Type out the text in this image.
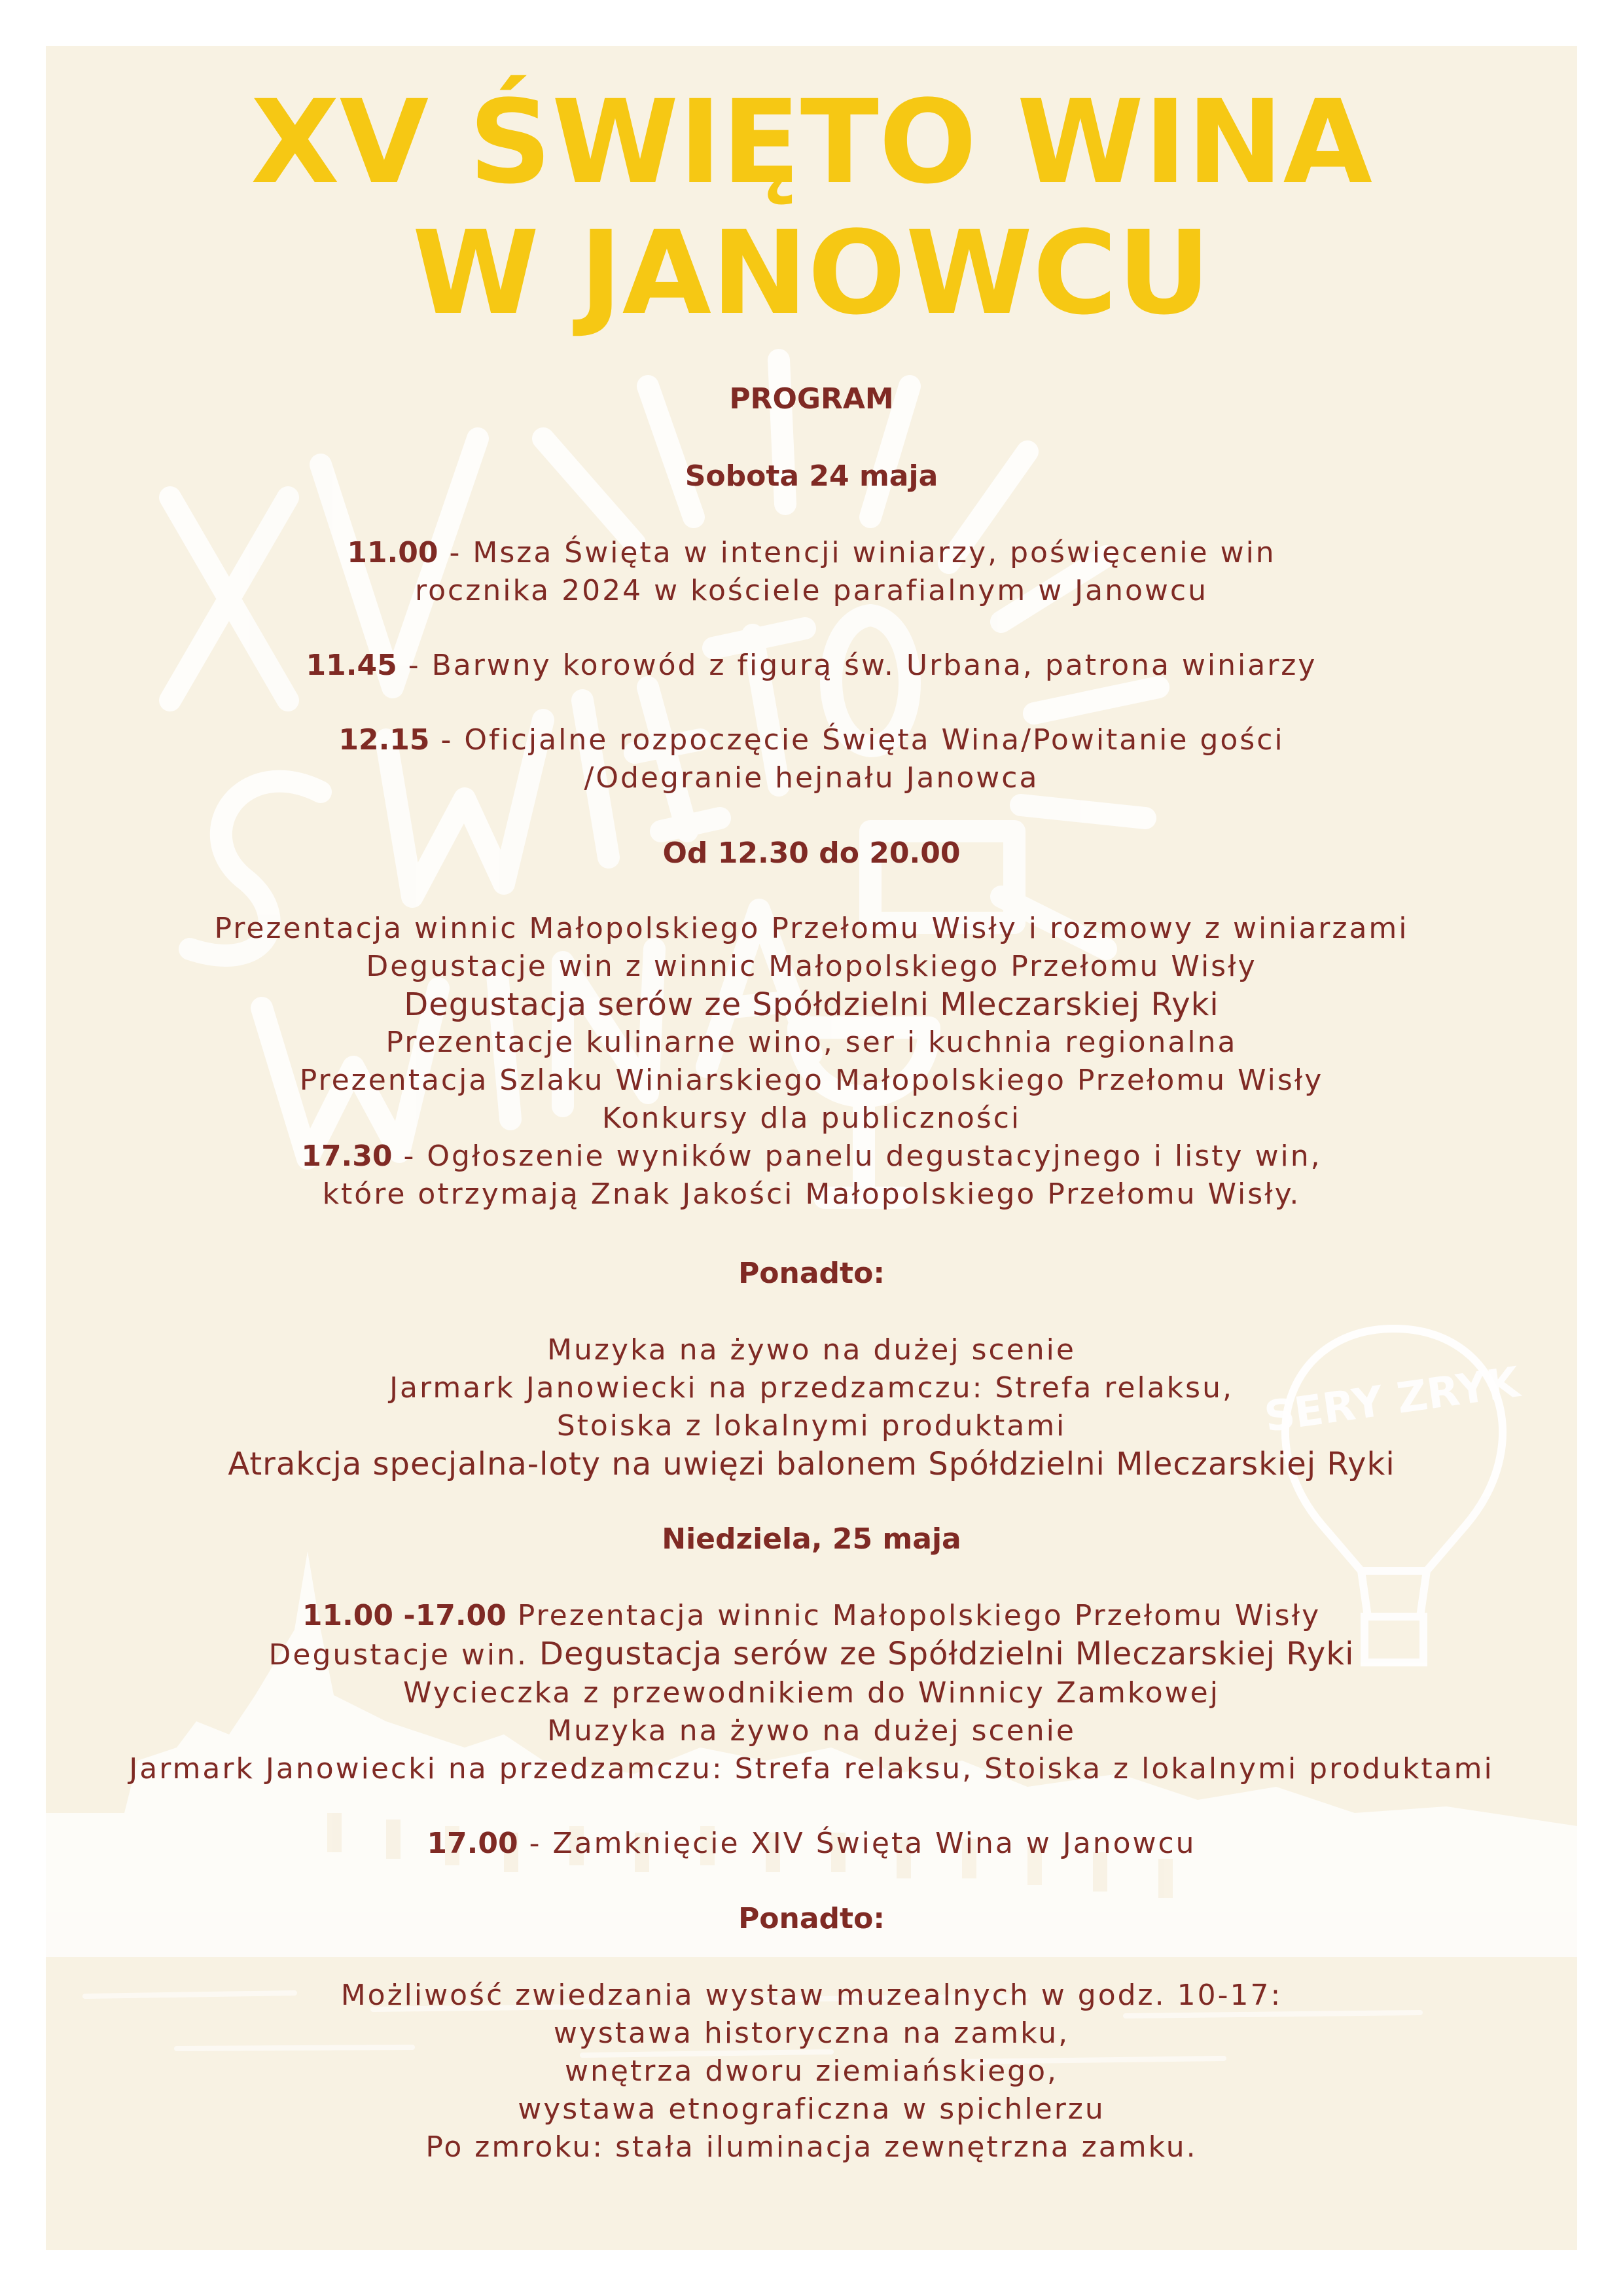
SERY ZRYK
XV ŚWIĘTO WINA
W JANOWCU

PROGRAM

Sobota 24 maja

11.00 - Msza Święta w intencji winiarzy, poświęcenie win

rocznika 2024 w kościele parafialnym w Janowcu

11.45 - Barwny korowód z figurą św. Urbana, patrona winiarzy

12.15 - Oficjalne rozpoczęcie Święta Wina/Powitanie gości

/Odegranie hejnału Janowca

Od 12.30 do 20.00

Prezentacja winnic Małopolskiego Przełomu Wisły i rozmowy z winiarzami

Degustacje win z winnic Małopolskiego Przełomu Wisły

Degustacja serów ze Spółdzielni Mleczarskiej Ryki

Prezentacje kulinarne wino, ser i kuchnia regionalna

Prezentacja Szlaku Winiarskiego Małopolskiego Przełomu Wisły

Konkursy dla publiczności

17.30 - Ogłoszenie wyników panelu degustacyjnego i listy win,

które otrzymają Znak Jakości Małopolskiego Przełomu Wisły.

Ponadto:

Muzyka na żywo na dużej scenie

Jarmark Janowiecki na przedzamczu: Strefa relaksu,

Stoiska z lokalnymi produktami

Atrakcja specjalna-loty na uwięzi balonem Spółdzielni Mleczarskiej Ryki

Niedziela, 25 maja

11.00 -17.00 Prezentacja winnic Małopolskiego Przełomu Wisły

Degustacje win. Degustacja serów ze Spółdzielni Mleczarskiej Ryki

Wycieczka z przewodnikiem do Winnicy Zamkowej

Muzyka na żywo na dużej scenie

Jarmark Janowiecki na przedzamczu: Strefa relaksu, Stoiska z lokalnymi produktami

17.00 - Zamknięcie XIV Święta Wina w Janowcu

Ponadto:

Możliwość zwiedzania wystaw muzealnych w godz. 10-17:

wystawa historyczna na zamku,

wnętrza dworu ziemiańskiego,

wystawa etnograficzna w spichlerzu

Po zmroku: stała iluminacja zewnętrzna zamku.
